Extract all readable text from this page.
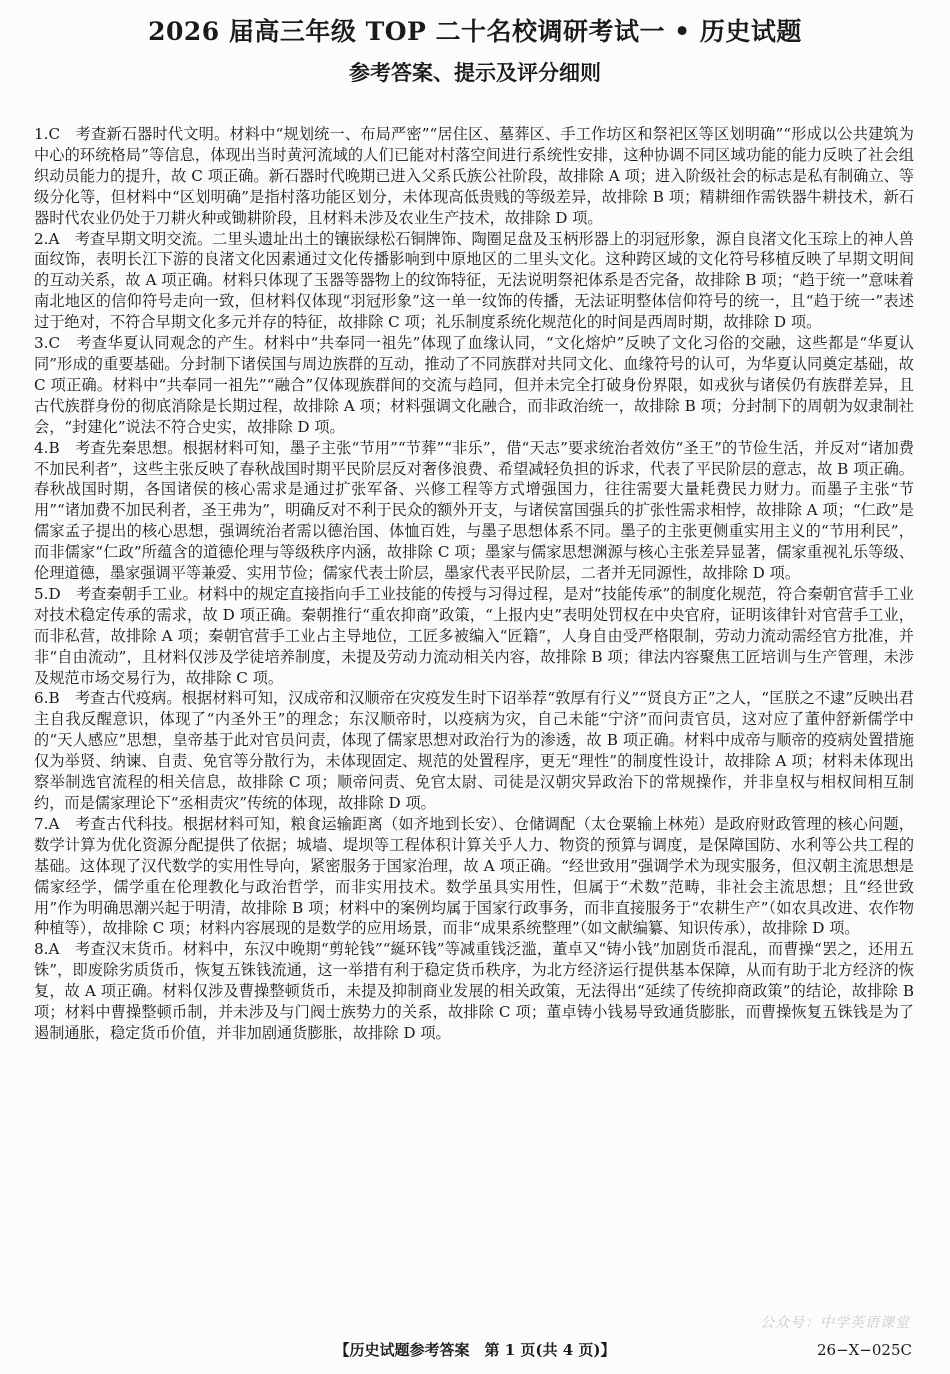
2026 届高三年级 TOP 二十名校调研考试一 • 历史试题
参考答案、提示及评分细则

1.C　考查新石器时代文明。材料中“规划统一、布局严密”“居住区、墓葬区、手工作坊区和祭祀区等区划明确”“形成以公共建筑为中心的环统格局”等信息，体现出当时黄河流域的人们已能对村落空间进行系统性安排，这种协调不同区域功能的能力反映了社会组织动员能力的提升，故 C 项正确。新石器时代晚期已进入父系氏族公社阶段，故排除 A 项；进入阶级社会的标志是私有制确立、等级分化等，但材料中“区划明确”是指村落功能区划分，未体现高低贵贱的等级差异，故排除 B 项；精耕细作需铁器牛耕技术，新石器时代农业仍处于刀耕火种或锄耕阶段，且材料未涉及农业生产技术，故排除 D 项。

2.A　考查早期文明交流。二里头遗址出土的镶嵌绿松石铜牌饰、陶圈足盘及玉柄形器上的羽冠形象，源自良渚文化玉琮上的神人兽面纹饰，表明长江下游的良渚文化因素通过文化传播影响到中原地区的二里头文化。这种跨区域的文化符号移植反映了早期文明间的互动关系，故 A 项正确。材料只体现了玉器等器物上的纹饰特征，无法说明祭祀体系是否完备，故排除 B 项；“趋于统一”意味着南北地区的信仰符号走向一致，但材料仅体现“羽冠形象”这一单一纹饰的传播，无法证明整体信仰符号的统一，且“趋于统一”表述过于绝对，不符合早期文化多元并存的特征，故排除 C 项；礼乐制度系统化规范化的时间是西周时期，故排除 D 项。

3.C　考查华夏认同观念的产生。材料中“共奉同一祖先”体现了血缘认同，“文化熔炉”反映了文化习俗的交融，这些都是“华夏认同”形成的重要基础。分封制下诸侯国与周边族群的互动，推动了不同族群对共同文化、血缘符号的认可，为华夏认同奠定基础，故 C 项正确。材料中“共奉同一祖先”“融合”仅体现族群间的交流与趋同，但并未完全打破身份界限，如戎狄与诸侯仍有族群差异，且古代族群身份的彻底消除是长期过程，故排除 A 项；材料强调文化融合，而非政治统一，故排除 B 项；分封制下的周朝为奴隶制社会，“封建化”说法不符合史实，故排除 D 项。

4.B　考查先秦思想。根据材料可知，墨子主张“节用”“节葬”“非乐”，借“天志”要求统治者效仿“圣王”的节俭生活，并反对“诸加费不加民利者”，这些主张反映了春秋战国时期平民阶层反对奢侈浪费、希望减轻负担的诉求，代表了平民阶层的意志，故 B 项正确。春秋战国时期，各国诸侯的核心需求是通过扩张军备、兴修工程等方式增强国力，往往需要大量耗费民力财力。而墨子主张“节用”“诸加费不加民利者，圣王弗为”，明确反对不利于民众的额外开支，与诸侯富国强兵的扩张性需求相悖，故排除 A 项；“仁政”是儒家孟子提出的核心思想，强调统治者需以德治国、体恤百姓，与墨子思想体系不同。墨子的主张更侧重实用主义的“节用利民”，而非儒家“仁政”所蕴含的道德伦理与等级秩序内涵，故排除 C 项；墨家与儒家思想渊源与核心主张差异显著，儒家重视礼乐等级、伦理道德，墨家强调平等兼爱、实用节俭；儒家代表士阶层，墨家代表平民阶层，二者并无同源性，故排除 D 项。

5.D　考查秦朝手工业。材料中的规定直接指向手工业技能的传授与习得过程，是对“技能传承”的制度化规范，符合秦朝官营手工业对技术稳定传承的需求，故 D 项正确。秦朝推行“重农抑商”政策，“上报内史”表明处罚权在中央官府，证明该律针对官营手工业，而非私营，故排除 A 项；秦朝官营手工业占主导地位，工匠多被编入“匠籍”，人身自由受严格限制，劳动力流动需经官方批准，并非“自由流动”，且材料仅涉及学徒培养制度，未提及劳动力流动相关内容，故排除 B 项；律法内容聚焦工匠培训与生产管理，未涉及规范市场交易行为，故排除 C 项。

6.B　考查古代疫病。根据材料可知，汉成帝和汉顺帝在灾疫发生时下诏举荐“敦厚有行义”“贤良方正”之人，“匡朕之不逮”反映出君主自我反醒意识，体现了“内圣外王”的理念；东汉顺帝时，以疫病为灾，自己未能“宁济”而问责官员，这对应了董仲舒新儒学中的“天人感应”思想，皇帝基于此对官员问责，体现了儒家思想对政治行为的渗透，故 B 项正确。材料中成帝与顺帝的疫病处置措施仅为举贤、纳谏、自责、免官等分散行为，未体现固定、规范的处置程序，更无“理性”的制度性设计，故排除 A 项；材料未体现出察举制选官流程的相关信息，故排除 C 项；顺帝问责、免官太尉、司徒是汉朝灾异政治下的常规操作，并非皇权与相权间相互制约，而是儒家理论下“丞相责灾”传统的体现，故排除 D 项。

7.A　考查古代科技。根据材料可知，粮食运输距离（如齐地到长安）、仓储调配（太仓粟输上林苑）是政府财政管理的核心问题，数学计算为优化资源分配提供了依据；城墙、堤坝等工程体积计算关乎人力、物资的预算与调度，是保障国防、水利等公共工程的基础。这体现了汉代数学的实用性导向，紧密服务于国家治理，故 A 项正确。“经世致用”强调学术为现实服务，但汉朝主流思想是儒家经学，儒学重在伦理教化与政治哲学，而非实用技术。数学虽具实用性，但属于“术数”范畴，非社会主流思想；且“经世致用”作为明确思潮兴起于明清，故排除 B 项；材料中的案例均属于国家行政事务，而非直接服务于“农耕生产”（如农具改进、农作物种植等），故排除 C 项；材料内容展现的是数学的应用场景，而非“成果系统整理”（如文献编纂、知识传承），故排除 D 项。

8.A　考查汉末货币。材料中，东汉中晚期“剪轮钱”“綖环钱”等减重钱泛滥，董卓又“铸小钱”加剧货币混乱，而曹操“罢之，还用五铢”，即废除劣质货币，恢复五铢钱流通，这一举措有利于稳定货币秩序，为北方经济运行提供基本保障，从而有助于北方经济的恢复，故 A 项正确。材料仅涉及曹操整顿货币，未提及抑制商业发展的相关政策，无法得出“延续了传统抑商政策”的结论，故排除 B 项；材料中曹操整顿币制，并未涉及与门阀士族势力的关系，故排除 C 项；董卓铸小钱易导致通货膨胀，而曹操恢复五铢钱是为了遏制通胀，稳定货币价值，并非加剧通货膨胀，故排除 D 项。

公众号：中学英语课堂
【历史试题参考答案　第 1 页(共 4 页)】	26−X−025C
